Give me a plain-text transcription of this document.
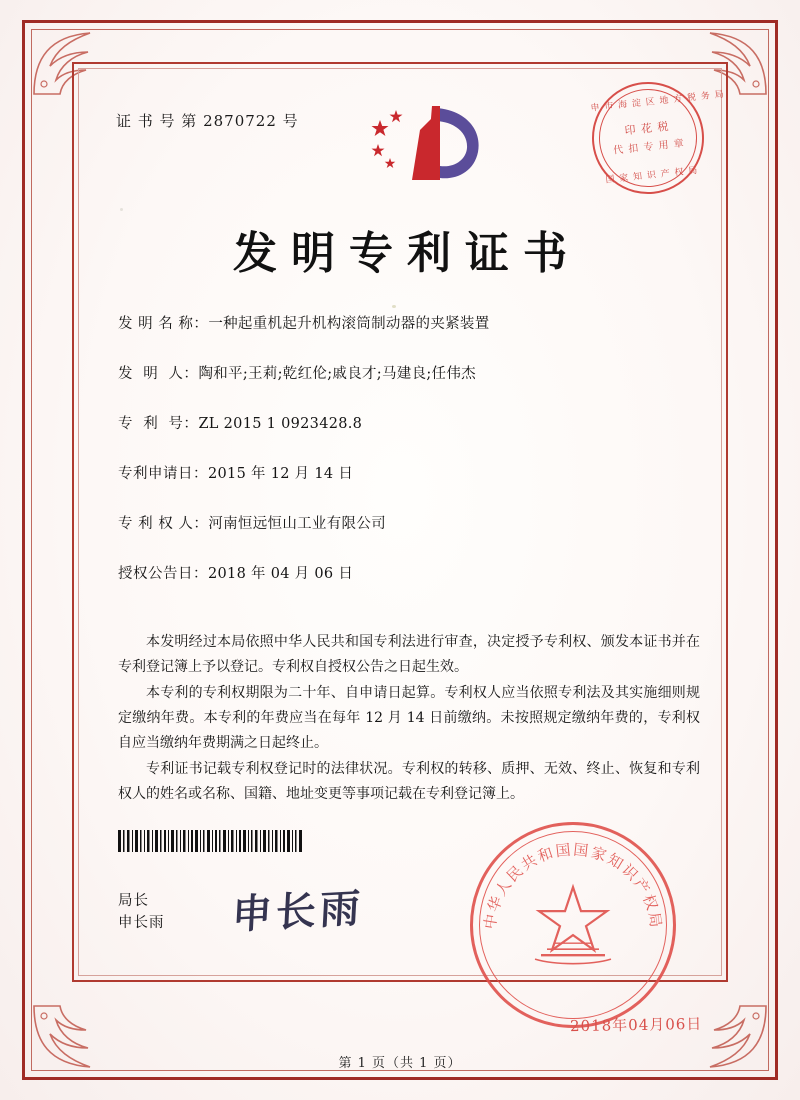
证 书 号 第 2870722 号
申 市 海 淀 区 地 方 税 务 局
印 花 税
代 扣 专 用 章
国 家 知 识 产 权 局
发明专利证书
发 明 名 称： 一种起重机起升机构滚筒制动器的夹紧装置
发  明  人： 陶和平;王莉;乾红伦;戚良才;马建良;任伟杰
专  利  号： ZL 2015 1 0923428.8
专利申请日： 2015 年 12 月 14 日
专 利 权 人： 河南恒远恒山工业有限公司
授权公告日： 2018 年 04 月 06 日

本发明经过本局依照中华人民共和国专利法进行审查，决定授予专利权、颁发本证书并在专利登记簿上予以登记。专利权自授权公告之日起生效。

本专利的专利权期限为二十年、自申请日起算。专利权人应当依照专利法及其实施细则规定缴纳年费。本专利的年费应当在每年 12 月 14 日前缴纳。未按照规定缴纳年费的，专利权自应当缴纳年费期满之日起终止。

专利证书记载专利权登记时的法律状况。专利权的转移、质押、无效、终止、恢复和专利权人的姓名或名称、国籍、地址变更等事项记载在专利登记簿上。

局长
申长雨 申长雨	中华人民共和国国家知识产权局
2018年04月06日
第 1 页（共 1 页）
